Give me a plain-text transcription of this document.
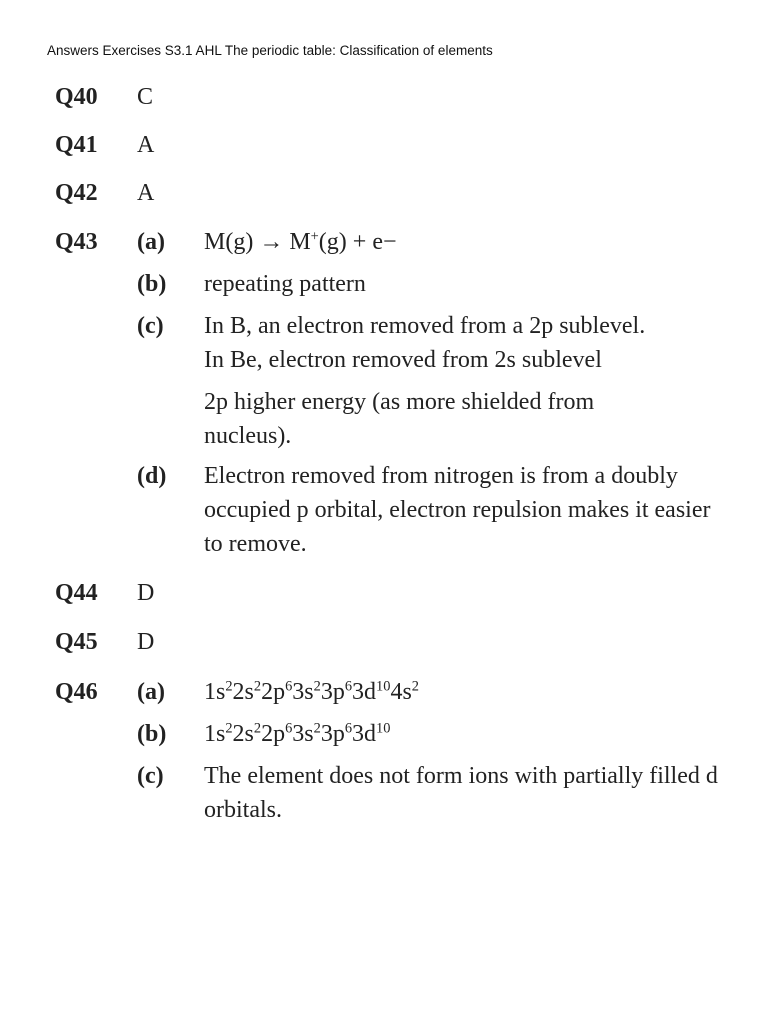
Answers Exercises S3.1 AHL The periodic table: Classification of elements
Q40 C
Q41 A
Q42 A
Q43 (a) M(g) → M+(g) + e−
(b) repeating pattern
(c) In B, an electron removed from a 2p sublevel.
In Be, electron removed from 2s sublevel
2p higher energy (as more shielded from nucleus).
(d) Electron removed from nitrogen is from a doubly occupied p orbital, electron repulsion makes it easier to remove.
Q44 D
Q45 D
Q46 (a) $1s^22s^22p^63s^23p^63d^{10}4s^2$
(b) $1s^22s^22p^63s^23p^63d^{10}$
(c) The element does not form ions with partially filled d orbitals.
